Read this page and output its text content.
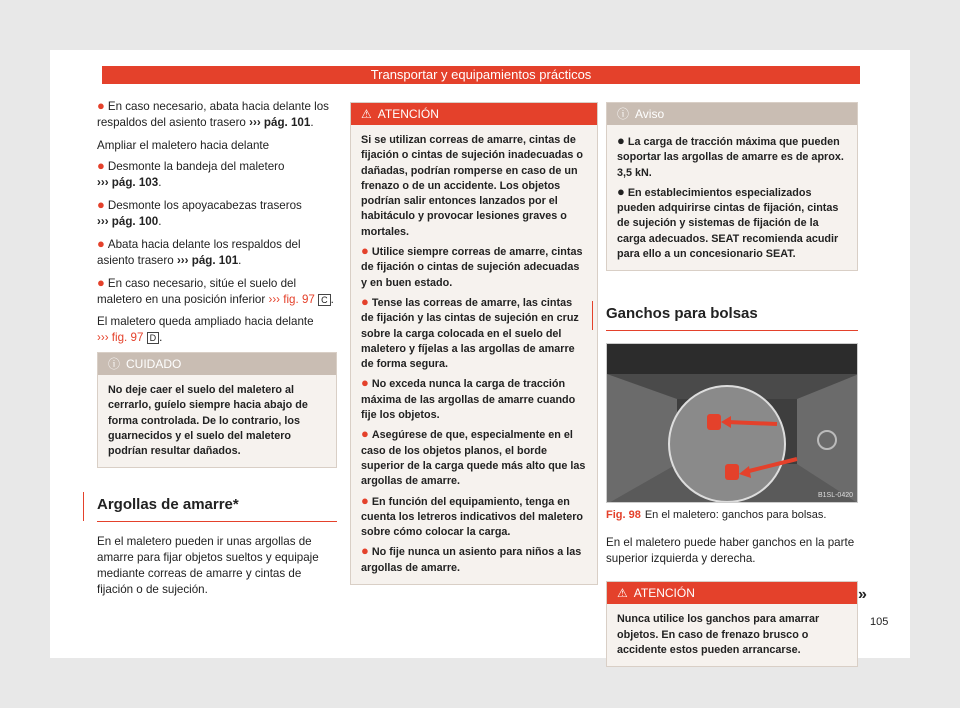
Transportar y equipamientos prácticos
● En caso necesario, abata hacia delante los respaldos del asiento trasero ››› pág. 101.
Ampliar el maletero hacia delante
● Desmonte la bandeja del maletero
››› pág. 103.
● Desmonte los apoyacabezas traseros
››› pág. 100.
● Abata hacia delante los respaldos del asiento trasero ››› pág. 101.
● En caso necesario, sitúe el suelo del maletero en una posición inferior ››› fig. 97 C .

El maletero queda ampliado hacia delante
››› fig. 97 D .

ⓘ CUIDADO
No deje caer el suelo del maletero al cerrarlo, guíelo siempre hacia abajo de forma controlada. De lo contrario, los guarnecidos y el suelo del maletero podrían resultar dañados.
Argollas de amarre*

En el maletero pueden ir unas argollas de amarre para fijar objetos sueltos y equipaje mediante correas de amarre y cintas de fijación o de sujeción.

⚠ ATENCIÓN
Si se utilizan correas de amarre, cintas de fijación o cintas de sujeción inadecuadas o dañadas, podrían romperse en caso de un frenazo o de un accidente. Los objetos podrían salir entonces lanzados por el habitáculo y provocar lesiones graves o mortales.
● Utilice siempre correas de amarre, cintas de fijación o cintas de sujeción adecuadas y en buen estado.
● Tense las correas de amarre, las cintas de fijación y las cintas de sujeción en cruz sobre la carga colocada en el suelo del maletero y fíjelas a las argollas de amarre de forma segura.
● No exceda nunca la carga de tracción máxima de las argollas de amarre cuando fije los objetos.
● Asegúrese de que, especialmente en el caso de los objetos planos, el borde superior de la carga quede más alto que las argollas de amarre.
● En función del equipamiento, tenga en cuenta los letreros indicativos del maletero sobre cómo colocar la carga.
● No fije nunca un asiento para niños a las argollas de amarre.
ⓘ Aviso
● La carga de tracción máxima que pueden soportar las argollas de amarre es de aprox. 3,5 kN.
● En establecimientos especializados pueden adquirirse cintas de fijación, cintas de sujeción y sistemas de fijación de la carga adecuados. SEAT recomienda acudir para ello a un concesionario SEAT.
Ganchos para bolsas
B1SL-0420
Fig. 98 En el maletero: ganchos para bolsas.

En el maletero puede haber ganchos en la parte superior izquierda y derecha.

⚠ ATENCIÓN
Nunca utilice los ganchos para amarrar objetos. En caso de frenazo brusco o accidente estos pueden arrancarse.
»
105
